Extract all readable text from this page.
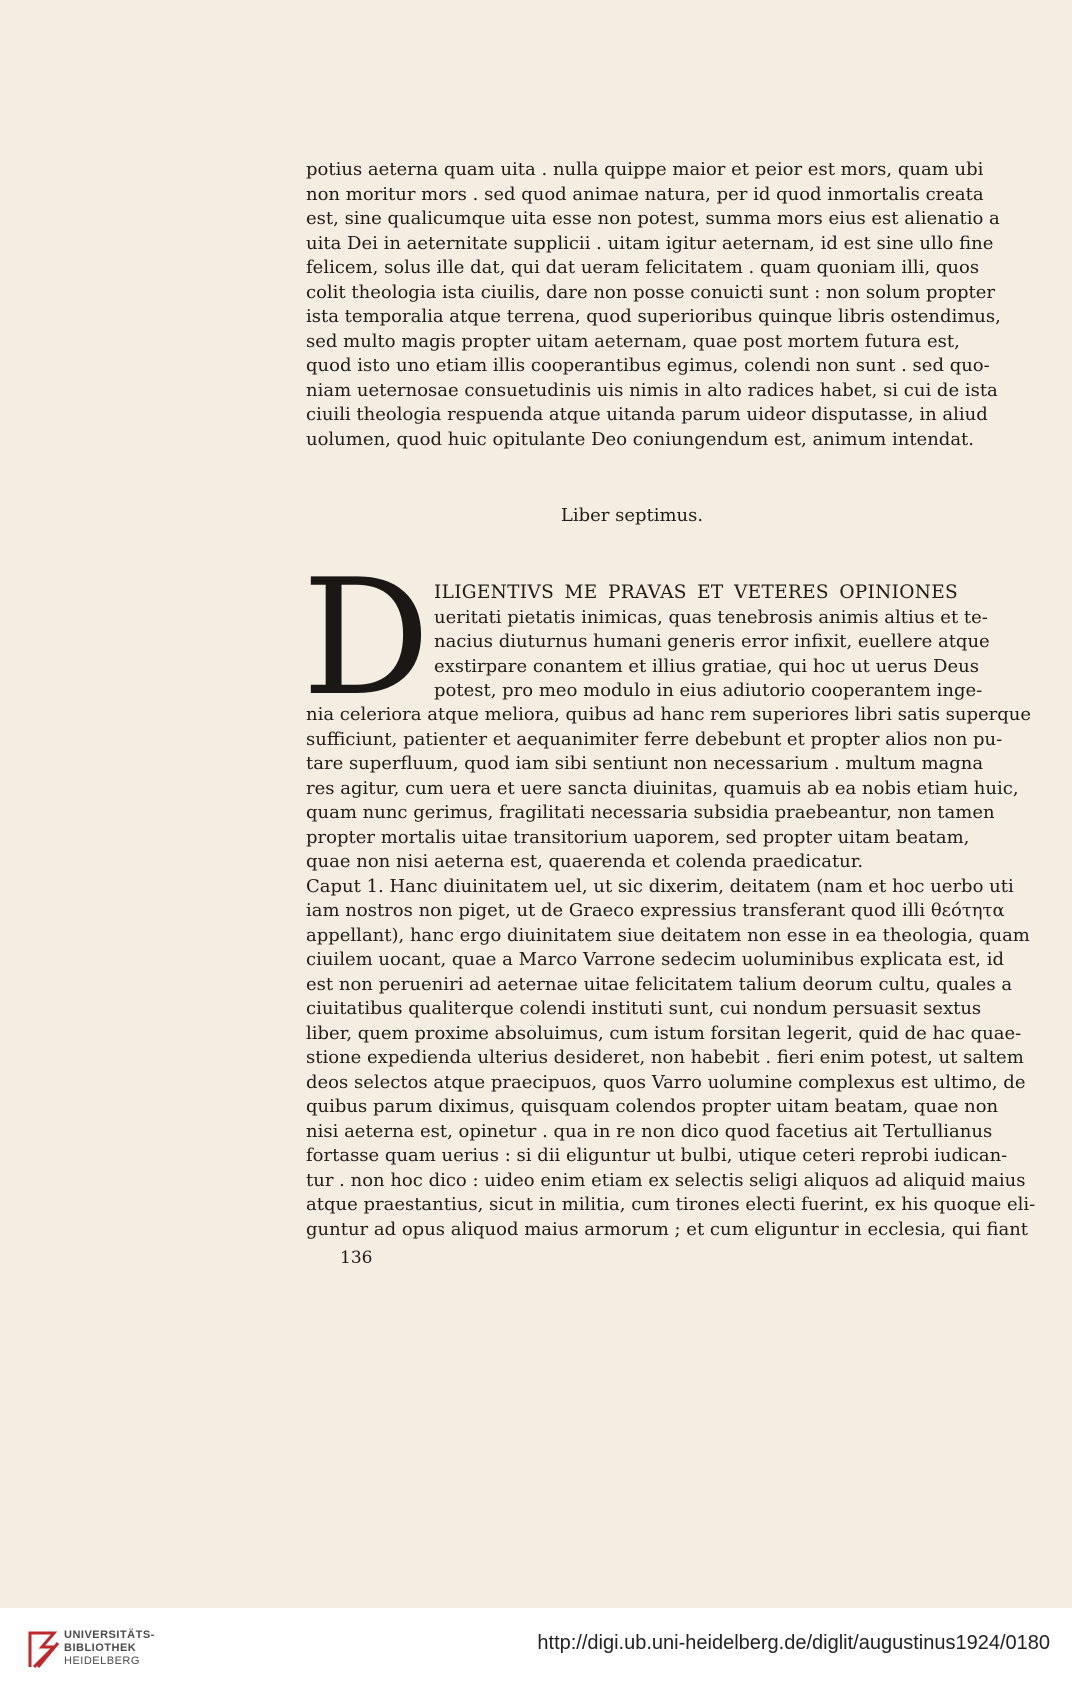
potius aeterna quam uita . nulla quippe maior et peior est mors, quam ubi
non moritur mors . sed quod animae natura, per id quod inmortalis creata
est, sine qualicumque uita esse non potest, summa mors eius est alienatio a
uita Dei in aeternitate supplicii . uitam igitur aeternam, id est sine ullo fine
felicem, solus ille dat, qui dat ueram felicitatem . quam quoniam illi, quos
colit theologia ista ciuilis, dare non posse conuicti sunt : non solum propter
ista temporalia atque terrena, quod superioribus quinque libris ostendimus,
sed multo magis propter uitam aeternam, quae post mortem futura est,
quod isto uno etiam illis cooperantibus egimus, colendi non sunt . sed quo-
niam ueternosae consuetudinis uis nimis in alto radices habet, si cui de ista
ciuili theologia respuenda atque uitanda parum uideor disputasse, in aliud
uolumen, quod huic opitulante Deo coniungendum est, animum intendat.
Liber septimus.
D ILIGENTIVS ME PRAVAS ET VETERES OPINIONES
ueritati pietatis inimicas, quas tenebrosis animis altius et te-
nacius diuturnus humani generis error infixit, euellere atque
exstirpare conantem et illius gratiae, qui hoc ut uerus Deus
potest, pro meo modulo in eius adiutorio cooperantem inge-
nia celeriora atque meliora, quibus ad hanc rem superiores libri satis superque
sufficiunt, patienter et aequanimiter ferre debebunt et propter alios non pu-
tare superfluum, quod iam sibi sentiunt non necessarium . multum magna
res agitur, cum uera et uere sancta diuinitas, quamuis ab ea nobis etiam huic,
quam nunc gerimus, fragilitati necessaria subsidia praebeantur, non tamen
propter mortalis uitae transitorium uaporem, sed propter uitam beatam,
quae non nisi aeterna est, quaerenda et colenda praedicatur.
Caput 1. Hanc diuinitatem uel, ut sic dixerim, deitatem (nam et hoc uerbo uti
iam nostros non piget, ut de Graeco expressius transferant quod illi θεότητα
appellant), hanc ergo diuinitatem siue deitatem non esse in ea theologia, quam
ciuilem uocant, quae a Marco Varrone sedecim uoluminibus explicata est, id
est non perueniri ad aeternae uitae felicitatem talium deorum cultu, quales a
ciuitatibus qualiterque colendi instituti sunt, cui nondum persuasit sextus
liber, quem proxime absoluimus, cum istum forsitan legerit, quid de hac quae-
stione expedienda ulterius desideret, non habebit . fieri enim potest, ut saltem
deos selectos atque praecipuos, quos Varro uolumine complexus est ultimo, de
quibus parum diximus, quisquam colendos propter uitam beatam, quae non
nisi aeterna est, opinetur . qua in re non dico quod facetius ait Tertullianus
fortasse quam uerius : si dii eliguntur ut bulbi, utique ceteri reprobi iudican-
tur . non hoc dico : uideo enim etiam ex selectis seligi aliquos ad aliquid maius
atque praestantius, sicut in militia, cum tirones electi fuerint, ex his quoque eli-
guntur ad opus aliquod maius armorum ; et cum eliguntur in ecclesia, qui fiant
136
UNIVERSITÄTS-
BIBLIOTHEK
HEIDELBERG
http://digi.ub.uni-heidelberg.de/diglit/augustinus1924/0180
